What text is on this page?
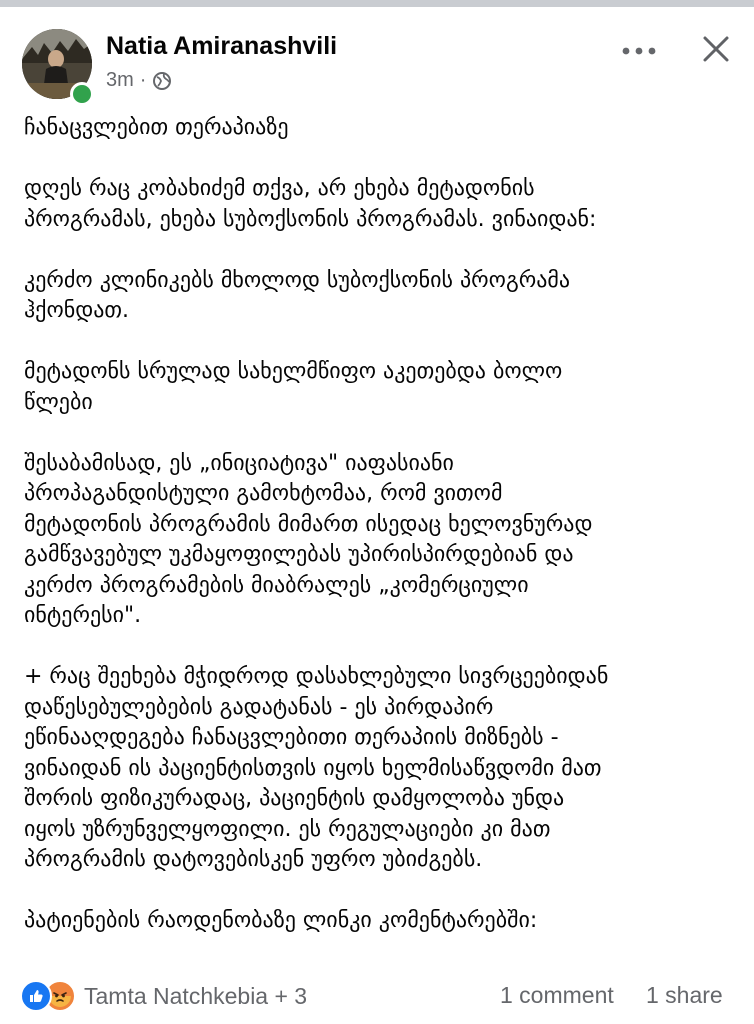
Natia Amiranashvili
3m ·
ჩანაცვლებით თერაპიაზე
დღეს რაც კობახიძემ თქვა, არ ეხება მეტადონის
პროგრამას, ეხება სუბოქსონის პროგრამას. ვინაიდან:
კერძო კლინიკებს მხოლოდ სუბოქსონის პროგრამა
ჰქონდათ.
მეტადონს სრულად სახელმწიფო აკეთებდა ბოლო
წლები
შესაბამისად, ეს „ინიციატივა" იაფასიანი
პროპაგანდისტული გამოხტომაა, რომ ვითომ
მეტადონის პროგრამის მიმართ ისედაც ხელოვნურად
გამწვავებულ უკმაყოფილებას უპირისპირდებიან და
კერძო პროგრამების მიაბრალეს „კომერციული
ინტერესი".
+ რაც შეეხება მჭიდროდ დასახლებული სივრცეებიდან
დაწესებულებების გადატანას - ეს პირდაპირ
ეწინააღდეგება ჩანაცვლებითი თერაპიის მიზნებს -
ვინაიდან ის პაციენტისთვის იყოს ხელმისაწვდომი მათ
შორის ფიზიკურადაც, პაციენტის დამყოლობა უნდა
იყოს უზრუნველყოფილი. ეს რეგულაციები კი მათ
პროგრამის დატოვებისკენ უფრო უბიძგებს.
პატიენების რაოდენობაზე ლინკი კომენტარებში:
Tamta Natchkebia + 3	1 comment 1 share
